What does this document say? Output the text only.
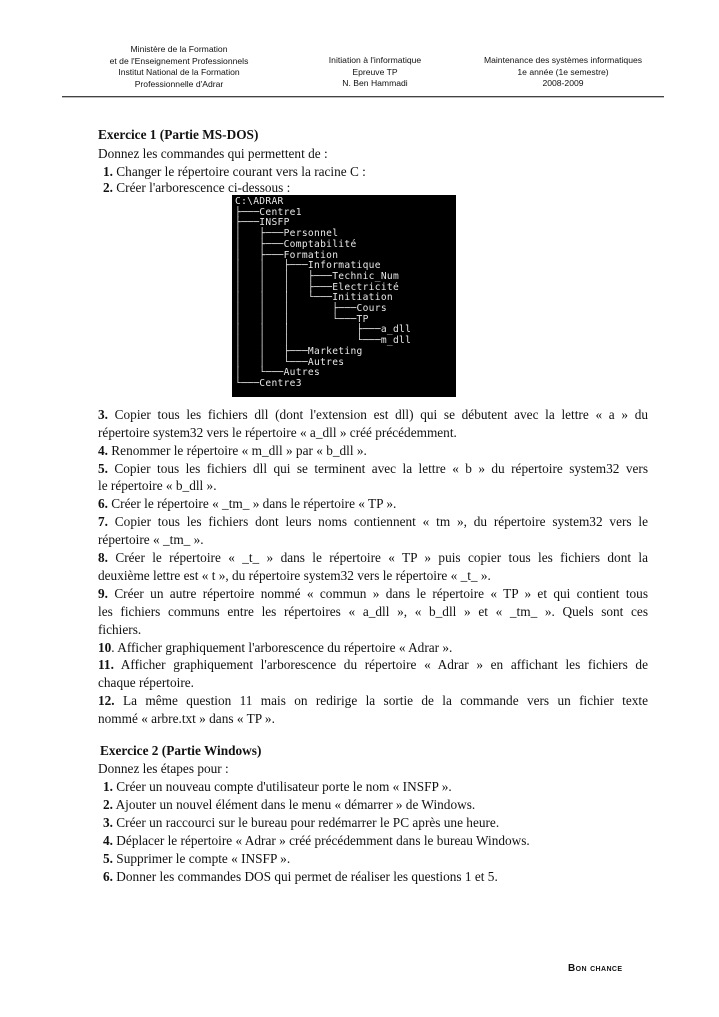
Ministère de la Formation
et de l'Enseignement Professionnels
Institut National de la Formation
Professionnelle d'Adrar
Initiation à l'informatique
Epreuve TP
N. Ben Hammadi
Maintenance des systèmes informatiques
1e année (1e semestre)
2008-2009
Exercice 1 (Partie MS-DOS)
Donnez les commandes qui permettent de :
1. Changer le répertoire courant vers la racine C :
2. Créer l'arborescence ci-dessous :
C:\ADRAR
├───Centre1
├───INSFP
│   ├───Personnel
│   ├───Comptabilité
│   ├───Formation
│   │   ├───Informatique
│   │   │   ├───Technic_Num
│   │   │   ├───Electricité
│   │   │   └───Initiation
│   │   │       ├───Cours
│   │   │       └───TP
│   │   │           ├───a_dll
│   │   │           └───m_dll
│   │   ├───Marketing
│   │   └───Autres
│   └───Autres
└───Centre3
3. Copier tous les fichiers dll (dont l'extension est dll) qui se débutent avec la lettre « a » du
répertoire system32 vers le répertoire « a_dll » créé précédemment.
4. Renommer le répertoire « m_dll » par « b_dll ».
5. Copier tous les fichiers dll qui se terminent avec la lettre « b » du répertoire system32 vers
le répertoire « b_dll ».
6. Créer le répertoire « _tm_ » dans le répertoire « TP ».
7. Copier tous les fichiers dont leurs noms contiennent « tm », du répertoire system32 vers le
répertoire « _tm_ ».
8. Créer le répertoire « _t_ » dans le répertoire « TP » puis copier tous les fichiers dont la
deuxième lettre est « t », du répertoire system32 vers le répertoire « _t_ ».
9. Créer un autre répertoire nommé « commun » dans le répertoire « TP » et qui contient tous
les fichiers communs entre les répertoires « a_dll », « b_dll » et « _tm_ ». Quels sont ces
fichiers.
10. Afficher graphiquement l'arborescence du répertoire « Adrar ».
11. Afficher graphiquement l'arborescence du répertoire « Adrar » en affichant les fichiers de
chaque répertoire.
12. La même question 11 mais on redirige la sortie de la commande vers un fichier texte
nommé « arbre.txt » dans « TP ».
Exercice 2 (Partie Windows)
Donnez les étapes pour :
1. Créer un nouveau compte d'utilisateur porte le nom « INSFP ».
2. Ajouter un nouvel élément dans le menu « démarrer » de Windows.
3. Créer un raccourci sur le bureau pour redémarrer le PC après une heure.
4. Déplacer le répertoire « Adrar » créé précédemment dans le bureau Windows.
5. Supprimer le compte « INSFP ».
6. Donner les commandes DOS qui permet de réaliser les questions 1 et 5.
Bon chance
